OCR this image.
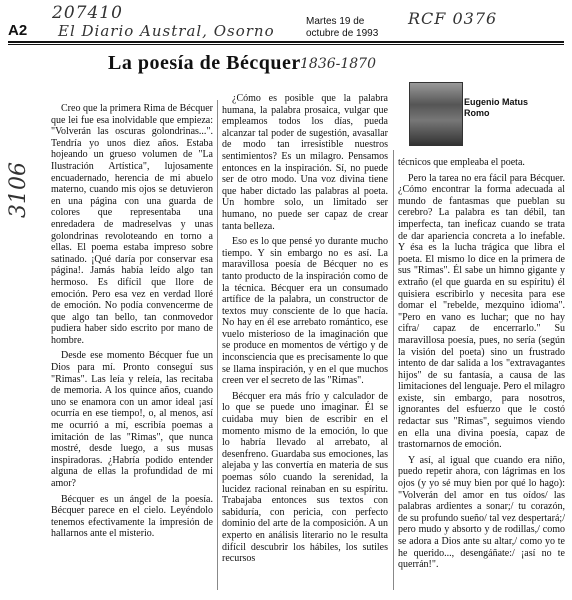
A2
207410
El Diario Austral, Osorno
Martes 19 de
octubre de 1993
RCF 0376
3106
La poesía de Bécquer 1836-1870
Eugenio Matus
Romo

Creo que la primera Rima de Bécquer que lei fue esa inolvidable que empieza: "Volverán las oscuras golondrinas...". Tendría yo unos diez años. Estaba hojeando un grueso volumen de "La Ilustración Artística", lujosamente encuadernado, herencia de mi abuelo materno, cuando mis ojos se detuvieron en una página con una guarda de colores que representaba una enredadera de madreselvas y unas golondrinas revoloteando en torno a ellas. El poema estaba impreso sobre satinado. ¡Qué daría por conservar esa página!. Jamás había leído algo tan hermoso. Es difícil que llore de emoción. Pero esa vez en verdad lloré de emoción. No podía convencerme de que algo tan bello, tan conmovedor pudiera haber sido escrito por mano de hombre.

Desde ese momento Bécquer fue un Dios para mí. Pronto conseguí sus "Rimas". Las leía y releía, las recitaba de memoria. A los quince años, cuando uno se enamora con un amor ideal ¡así ocurría en ese tiempo!, o, al menos, así me ocurrió a mí, escribía poemas a imitación de las "Rimas", que nunca mostré, desde luego, a sus musas inspiradoras. ¿Habría podido entender alguna de ellas la profundidad de mi amor?

Bécquer es un ángel de la poesía. Bécquer parece en el cielo. Leyéndolo tenemos efectivamente la impresión de hallarnos ante el misterio.

¿Cómo es posible que la palabra humana, la palabra prosaica, vulgar que empleamos todos los días, pueda alcanzar tal poder de sugestión, avasallar de modo tan irresistible nuestros sentimientos? Es un milagro. Pensamos entonces en la inspiración. Sí, no puede ser de otro modo. Una voz divina tiene que haber dictado las palabras al poeta. Un hombre solo, un limitado ser humano, no puede ser capaz de crear tanta belleza.

Eso es lo que pensé yo durante mucho tiempo. Y sin embargo no es así. La maravillosa poesía de Bécquer no es tanto producto de la inspiración como de la técnica. Bécquer era un consumado artífice de la palabra, un constructor de textos muy consciente de lo que hacía. No hay en él ese arrebato romántico, ese vuelo misterioso de la imaginación que se produce en momentos de vértigo y de inconsciencia que es precisamente lo que se llama inspiración, y en el que muchos creen ver el secreto de las "Rimas".

Bécquer era más frío y calculador de lo que se puede uno imaginar. Él se cuidaba muy bien de escribir en el momento mismo de la emoción, lo que lo habría llevado al arrebato, al desenfreno. Guardaba sus emociones, las alejaba y las convertía en materia de sus poemas sólo cuando la serenidad, la lucidez racional reinaban en su espíritu. Trabajaba entonces sus textos con sabiduría, con pericia, con perfecto dominio del arte de la composición. A un experto en análisis literario no le resulta difícil descubrir los hábiles, los sutiles recursos

técnicos que empleaba el poeta.

Pero la tarea no era fácil para Bécquer. ¿Cómo encontrar la forma adecuada al mundo de fantasmas que pueblan su cerebro? La palabra es tan débil, tan imperfecta, tan ineficaz cuando se trata de dar apariencia concreta a lo inefable. Y ésa es la lucha trágica que libra el poeta. El mismo lo dice en la primera de sus "Rimas". Él sabe un himno gigante y extraño (el que guarda en su espíritu) él quisiera escribirlo y necesita para ese domar el "rebelde, mezquino idioma". "Pero en vano es luchar; que no hay cifra/ capaz de encerrarlo." Su maravillosa poesía, pues, no sería (según la visión del poeta) sino un frustrado intento de dar salida a los "extravagantes hijos" de su fantasía, a causa de las limitaciones del lenguaje. Pero el milagro existe, sin embargo, para nosotros, ignorantes del esfuerzo que le costó redactar sus "Rimas", seguimos viendo en ella una divina poesía, capaz de trastornarnos de emoción.

Y así, al igual que cuando era niño, puedo repetir ahora, con lágrimas en los ojos (y yo sé muy bien por qué lo hago): "Volverán del amor en tus oídos/ las palabras ardientes a sonar;/ tu corazón, de su profundo sueño/ tal vez despertará;/ pero mudo y absorto y de rodillas,/ como se adora a Dios ante su altar,/ como yo te he querido..., desengáñate:/ ¡así no te querrán!".
